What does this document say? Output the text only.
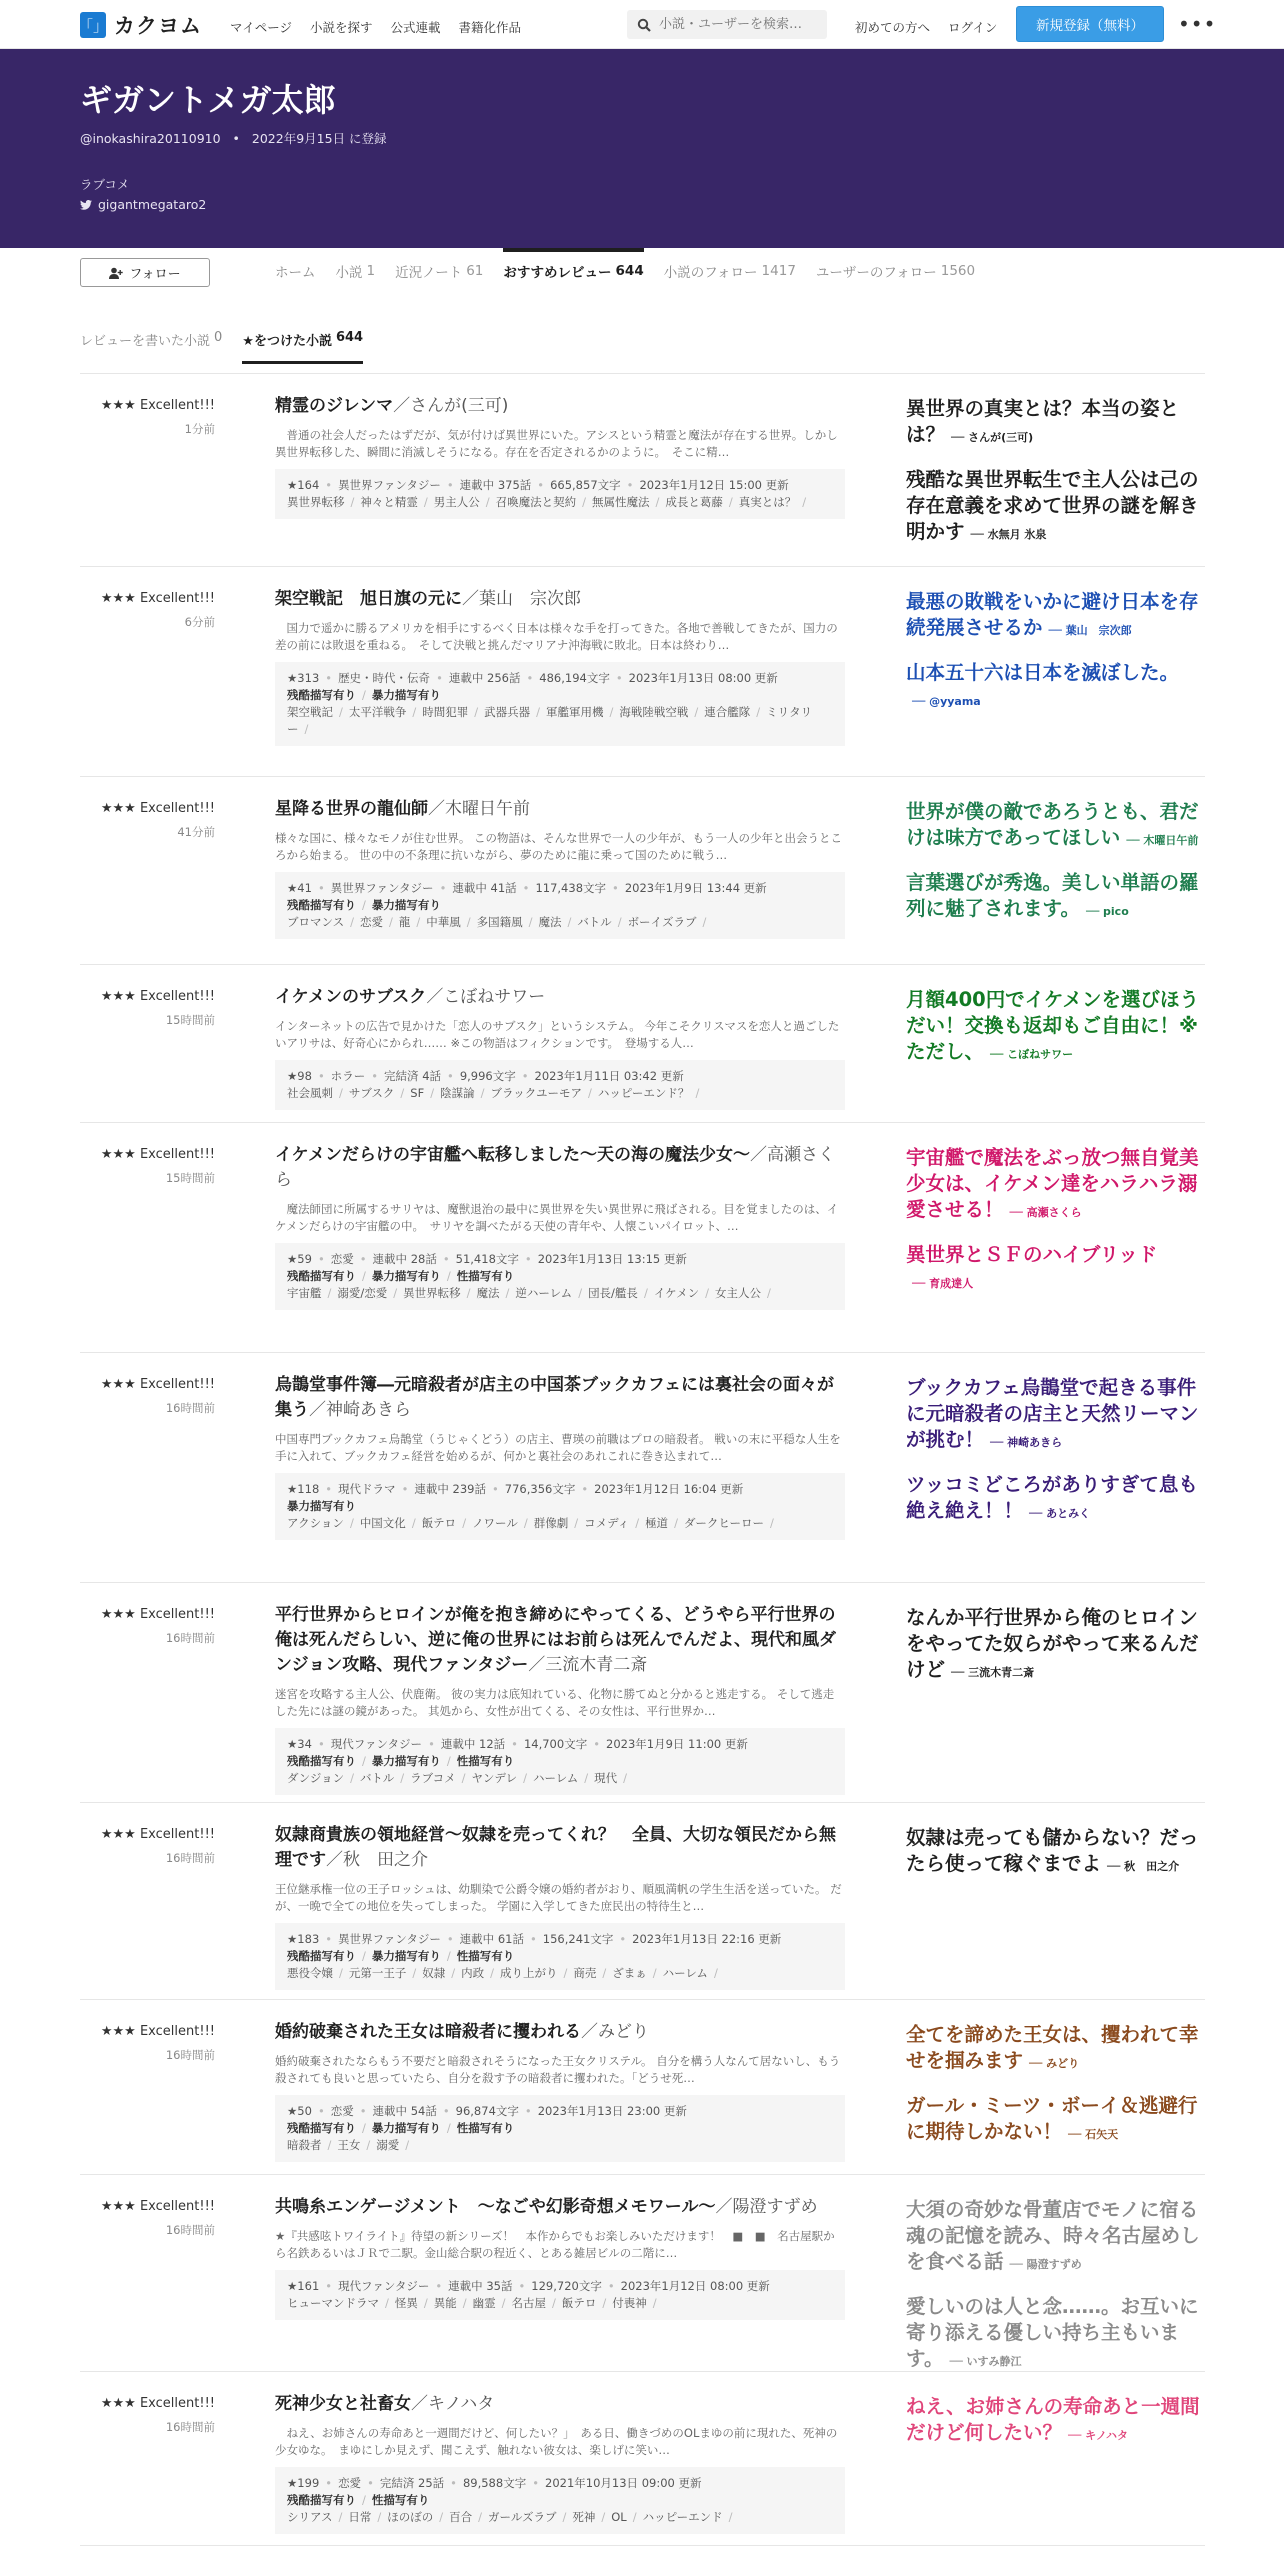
「」 カクヨム マイページ 小説を探す 公式連載 書籍化作品
小説・ユーザーを検索…	初めての方へ ログイン	新規登録（無料）	•••
ギガントメガ太郎
@inokashira20110910 • 2022年9月15日 に登録
ラブコメ
gigantmegataro2
フォロー	ホーム 小説 1 近況ノート 61 おすすめレビュー 644 小説のフォロー 1417 ユーザーのフォロー 1560
レビューを書いた小説 0 ★をつけた小説 644
★★★ Excellent!!!
1分前
精霊のジレンマ／さんが(三可)
　普通の社会人だったはずだが、気が付けば異世界にいた。アシスという精霊と魔法が存在する世界。しかし異世界転移した、瞬間に消滅しそうになる。存在を否定されるかのように。　そこに精…
★164 • 異世界ファンタジー • 連載中 375話 • 665,857文字 • 2023年1月12日 15:00 更新
異世界転移 / 神々と精霊 / 男主人公 / 召喚魔法と契約 / 無属性魔法 / 成長と葛藤 / 真実とは？ /
異世界の真実とは？本当の姿とは？ ── さんが(三可)
残酷な異世界転生で主人公は己の存在意義を求めて世界の謎を解き明かす ── 水無月 氷泉
★★★ Excellent!!!
6分前
架空戦記　旭日旗の元に／葉山　宗次郎
　国力で遥かに勝るアメリカを相手にするべく日本は様々な手を打ってきた。各地で善戦してきたが、国力の差の前には敗退を重ねる。　そして決戦と挑んだマリアナ沖海戦に敗北。日本は終わり…
★313 • 歴史・時代・伝奇 • 連載中 256話 • 486,194文字 • 2023年1月13日 08:00 更新
残酷描写有り / 暴力描写有り
架空戦記 / 太平洋戦争 / 時間犯罪 / 武器兵器 / 軍艦軍用機 / 海戦陸戦空戦 / 連合艦隊 / ミリタリー /
最悪の敗戦をいかに避け日本を存続発展させるか ── 葉山　宗次郎
山本五十六は日本を滅ぼした。── @yyama
★★★ Excellent!!!
41分前
星降る世界の龍仙師／木曜日午前
様々な国に、様々なモノが住む世界。 この物語は、そんな世界で一人の少年が、もう一人の少年と出会うところから始まる。 世の中の不条理に抗いながら、夢のために龍に乗って国のために戦う…
★41 • 異世界ファンタジー • 連載中 41話 • 117,438文字 • 2023年1月9日 13:44 更新
残酷描写有り / 暴力描写有り
ブロマンス / 恋愛 / 龍 / 中華風 / 多国籍風 / 魔法 / バトル / ボーイズラブ /
世界が僕の敵であろうとも、君だけは味方であってほしい ── 木曜日午前
言葉選びが秀逸。美しい単語の羅列に魅了されます。 ── pico
★★★ Excellent!!!
15時間前
イケメンのサブスク／こぼねサワー
インターネットの広告で見かけた「恋人のサブスク」というシステム。 今年こそクリスマスを恋人と過ごしたいアリサは、好奇心にかられ…… ※この物語はフィクションです。　登場する人…
★98 • ホラー • 完結済 4話 • 9,996文字 • 2023年1月11日 03:42 更新
社会風刺 / サブスク / SF / 陰謀論 / ブラックユーモア / ハッピーエンド？ /
月額400円でイケメンを選びほうだい！交換も返却もご自由に！※ただし、 ── こぼねサワー
★★★ Excellent!!!
15時間前
イケメンだらけの宇宙艦へ転移しました～天の海の魔法少女～／高瀬さくら
　魔法師団に所属するサリヤは、魔獣退治の最中に異世界を失い異世界に飛ばされる。目を覚ましたのは、イケメンだらけの宇宙艦の中。　サリヤを調べたがる天使の青年や、人懐こいパイロット、…
★59 • 恋愛 • 連載中 28話 • 51,418文字 • 2023年1月13日 13:15 更新
残酷描写有り / 暴力描写有り / 性描写有り
宇宙艦 / 溺愛/恋愛 / 異世界転移 / 魔法 / 逆ハーレム / 団長/艦長 / イケメン / 女主人公 /
宇宙艦で魔法をぶっ放つ無自覚美少女は、イケメン達をハラハラ溺愛させる！ ── 高瀬さくら
異世界とＳＦのハイブリッド── 育成達人
★★★ Excellent!!!
16時間前
烏鵲堂事件簿―元暗殺者が店主の中国茶ブックカフェには裏社会の面々が集う／神崎あきら
中国専門ブックカフェ烏鵲堂（うじゃくどう）の店主、曹瑛の前職はプロの暗殺者。 戦いの末に平穏な人生を手に入れて、ブックカフェ経営を始めるが、何かと裏社会のあれこれに巻き込まれて…
★118 • 現代ドラマ • 連載中 239話 • 776,356文字 • 2023年1月12日 16:04 更新
暴力描写有り
アクション / 中国文化 / 飯テロ / ノワール / 群像劇 / コメディ / 極道 / ダークヒーロー /
ブックカフェ烏鵲堂で起きる事件に元暗殺者の店主と天然リーマンが挑む！ ── 神崎あきら
ツッコミどころがありすぎて息も絶え絶え！！ ── あとみく
★★★ Excellent!!!
16時間前
平行世界からヒロインが俺を抱き締めにやってくる、どうやら平行世界の俺は死んだらしい、逆に俺の世界にはお前らは死んでんだよ、現代和風ダンジョン攻略、現代ファンタジー／三流木青二斎
迷宮を攻略する主人公、伏鹿衛。 彼の実力は底知れている、化物に勝てぬと分かると逃走する。 そして逃走した先には謎の鏡があった。 其処から、女性が出てくる、その女性は、平行世界か…
★34 • 現代ファンタジー • 連載中 12話 • 14,700文字 • 2023年1月9日 11:00 更新
残酷描写有り / 暴力描写有り / 性描写有り
ダンジョン / バトル / ラブコメ / ヤンデレ / ハーレム / 現代 /
なんか平行世界から俺のヒロインをやってた奴らがやって来るんだけど ── 三流木青二斎
★★★ Excellent!!!
16時間前
奴隷商貴族の領地経営〜奴隷を売ってくれ？　全員、大切な領民だから無理です／秋　田之介
王位継承権一位の王子ロッシュは、幼馴染で公爵令嬢の婚約者がおり、順風満帆の学生生活を送っていた。 だが、一晩で全ての地位を失ってしまった。 学園に入学してきた庶民出の特待生と…
★183 • 異世界ファンタジー • 連載中 61話 • 156,241文字 • 2023年1月13日 22:16 更新
残酷描写有り / 暴力描写有り / 性描写有り
悪役令嬢 / 元第一王子 / 奴隷 / 内政 / 成り上がり / 商売 / ざまぁ / ハーレム /
奴隷は売っても儲からない？だったら使って稼ぐまでよ ── 秋　田之介
★★★ Excellent!!!
16時間前
婚約破棄された王女は暗殺者に攫われる／みどり
婚約破棄されたならもう不要だと暗殺されそうになった王女クリステル。 自分を構う人なんて居ないし、もう殺されても良いと思っていたら、自分を殺す予の暗殺者に攫われた。「どうせ死…
★50 • 恋愛 • 連載中 54話 • 96,874文字 • 2023年1月13日 23:00 更新
残酷描写有り / 暴力描写有り / 性描写有り
暗殺者 / 王女 / 溺愛 /
全てを諦めた王女は、攫われて幸せを掴みます ── みどり
ガール・ミーツ・ボーイ＆逃避行に期待しかない！ ── 石矢天
★★★ Excellent!!!
16時間前
共鳴糸エンゲージメント　〜なごや幻影奇想メモワール〜／陽澄すずめ
★『共感呟トワイライト』待望の新シリーズ！　本作からでもお楽しみいただけます！　■　■　名古屋駅から名鉄あるいはＪＲで二駅。金山総合駅の程近く、とある雑居ビルの二階に…
★161 • 現代ファンタジー • 連載中 35話 • 129,720文字 • 2023年1月12日 08:00 更新
ヒューマンドラマ / 怪異 / 異能 / 幽霊 / 名古屋 / 飯テロ / 付喪神 /
大須の奇妙な骨董店でモノに宿る魂の記憶を読み、時々名古屋めしを食べる話 ── 陽澄すずめ
愛しいのは人と念……。お互いに寄り添える優しい持ち主もいます。 ── いすみ静江
★★★ Excellent!!!
16時間前
死神少女と社畜女／キノハタ
　ねえ、お姉さんの寿命あと一週間だけど、何したい？」　ある日、働きづめのOLまゆの前に現れた、死神の少女ゆな。　まゆにしか見えず、聞こえず、触れない彼女は、楽しげに笑い…
★199 • 恋愛 • 完結済 25話 • 89,588文字 • 2021年10月13日 09:00 更新
残酷描写有り / 性描写有り
シリアス / 日常 / ほのぼの / 百合 / ガールズラブ / 死神 / OL / ハッピーエンド /
ねえ、お姉さんの寿命あと一週間だけど何したい？ ── キノハタ
